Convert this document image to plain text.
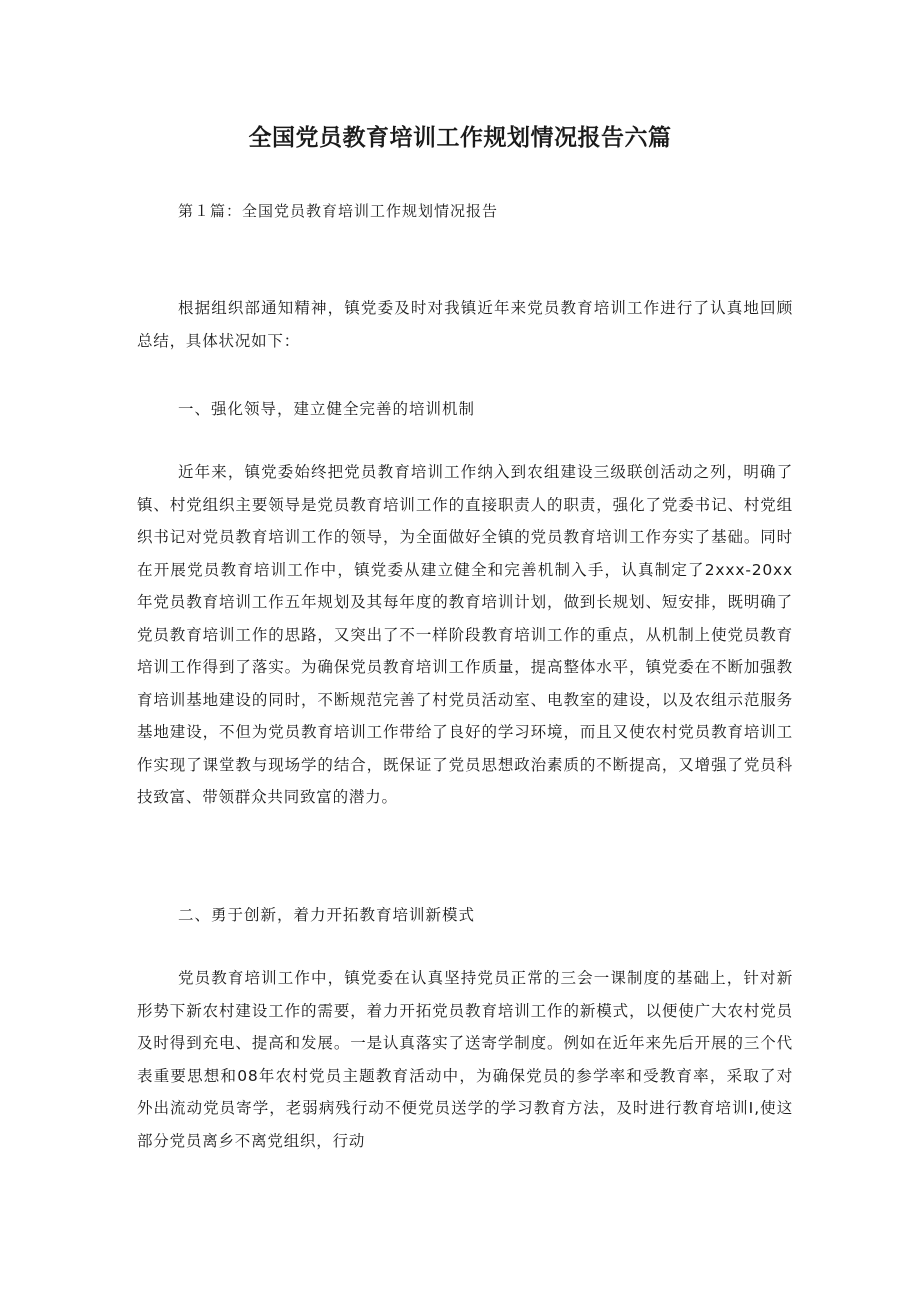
全国党员教育培训工作规划情况报告六篇
第１篇：全国党员教育培训工作规划情况报告

根据组织部通知精神，镇党委及时对我镇近年来党员教育培训工作进行了认真地回顾总结，具体状况如下：

一、强化领导，建立健全完善的培训机制

近年来，镇党委始终把党员教育培训工作纳入到农组建设三级联创活动之列，明确了镇、村党组织主要领导是党员教育培训工作的直接职责人的职责，强化了党委书记、村党组织书记对党员教育培训工作的领导，为全面做好全镇的党员教育培训工作夯实了基础。同时在开展党员教育培训工作中，镇党委从建立健全和完善机制入手，认真制定了2xxx-20xx年党员教育培训工作五年规划及其每年度的教育培训计划，做到长规划、短安排，既明确了党员教育培训工作的思路，又突出了不一样阶段教育培训工作的重点，从机制上使党员教育培训工作得到了落实。为确保党员教育培训工作质量，提高整体水平，镇党委在不断加强教育培训基地建设的同时，不断规范完善了村党员活动室、电教室的建设，以及农组示范服务基地建设，不但为党员教育培训工作带给了良好的学习环境，而且又使农村党员教育培训工作实现了课堂教与现场学的结合，既保证了党员思想政治素质的不断提高，又增强了党员科技致富、带领群众共同致富的潜力。

二、勇于创新，着力开拓教育培训新模式

党员教育培训工作中，镇党委在认真坚持党员正常的三会一课制度的基础上，针对新形势下新农村建设工作的需要，着力开拓党员教育培训工作的新模式，以便使广大农村党员及时得到充电、提高和发展。一是认真落实了送寄学制度。例如在近年来先后开展的三个代表重要思想和08年农村党员主题教育活动中，为确保党员的参学率和受教育率，采取了对外出流动党员寄学，老弱病残行动不便党员送学的学习教育方法，及时进行教育培训Ⅰ,使这部分党员离乡不离党组织，行动
